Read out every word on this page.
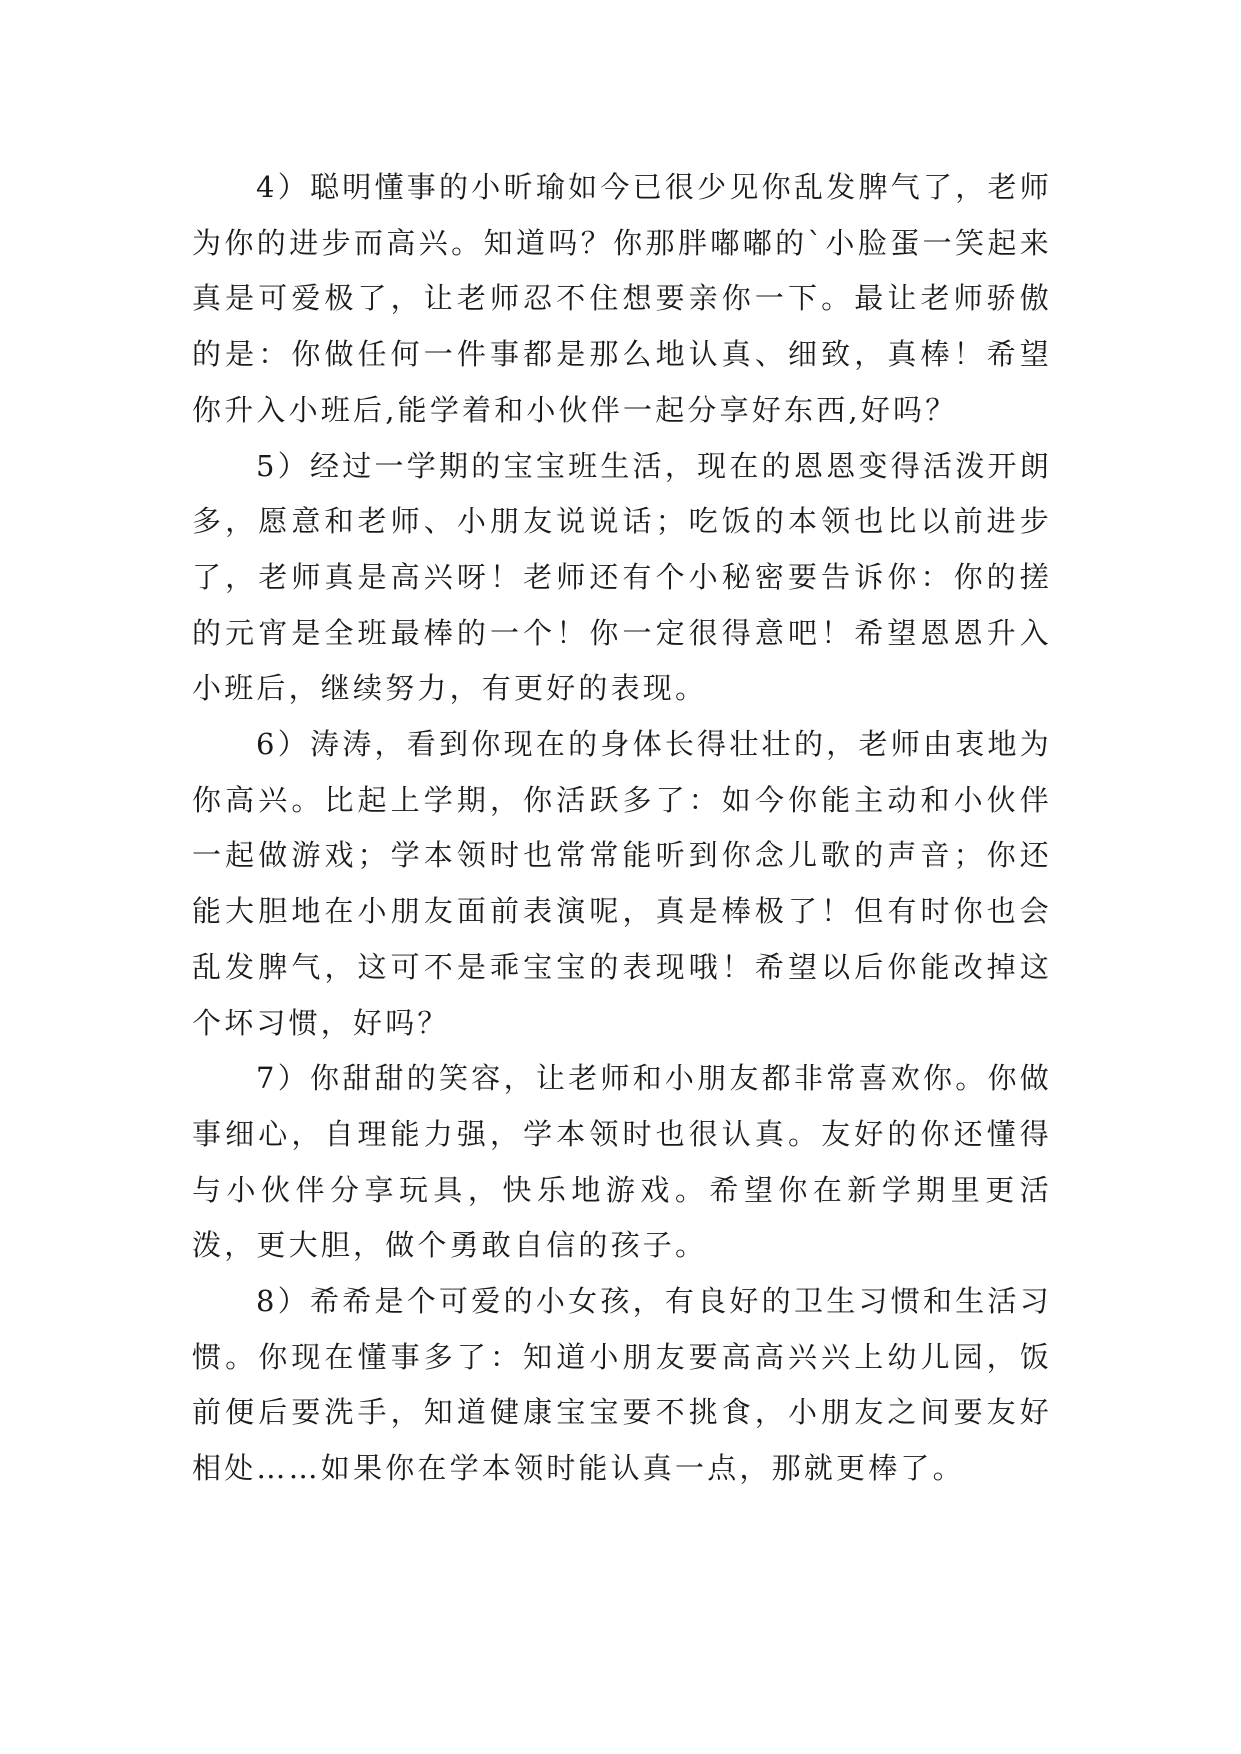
4）聪明懂事的小昕瑜如今已很少见你乱发脾气了，老师为你的进步而高兴。知道吗？你那胖嘟嘟的`小脸蛋一笑起来真是可爱极了，让老师忍不住想要亲你一下。最让老师骄傲的是：你做任何一件事都是那么地认真、细致，真棒！希望你升入小班后,能学着和小伙伴一起分享好东西,好吗？

5）经过一学期的宝宝班生活，现在的恩恩变得活泼开朗多，愿意和老师、小朋友说说话；吃饭的本领也比以前进步了，老师真是高兴呀！老师还有个小秘密要告诉你：你的搓的元宵是全班最棒的一个！你一定很得意吧！希望恩恩升入小班后，继续努力，有更好的表现。

6）涛涛，看到你现在的身体长得壮壮的，老师由衷地为你高兴。比起上学期，你活跃多了：如今你能主动和小伙伴一起做游戏；学本领时也常常能听到你念儿歌的声音；你还能大胆地在小朋友面前表演呢，真是棒极了！但有时你也会乱发脾气，这可不是乖宝宝的表现哦！希望以后你能改掉这个坏习惯，好吗？

7）你甜甜的笑容，让老师和小朋友都非常喜欢你。你做事细心，自理能力强，学本领时也很认真。友好的你还懂得与小伙伴分享玩具，快乐地游戏。希望你在新学期里更活泼，更大胆，做个勇敢自信的孩子。

8）希希是个可爱的小女孩，有良好的卫生习惯和生活习惯。你现在懂事多了：知道小朋友要高高兴兴上幼儿园，饭前便后要洗手，知道健康宝宝要不挑食，小朋友之间要友好相处……如果你在学本领时能认真一点，那就更棒了。
